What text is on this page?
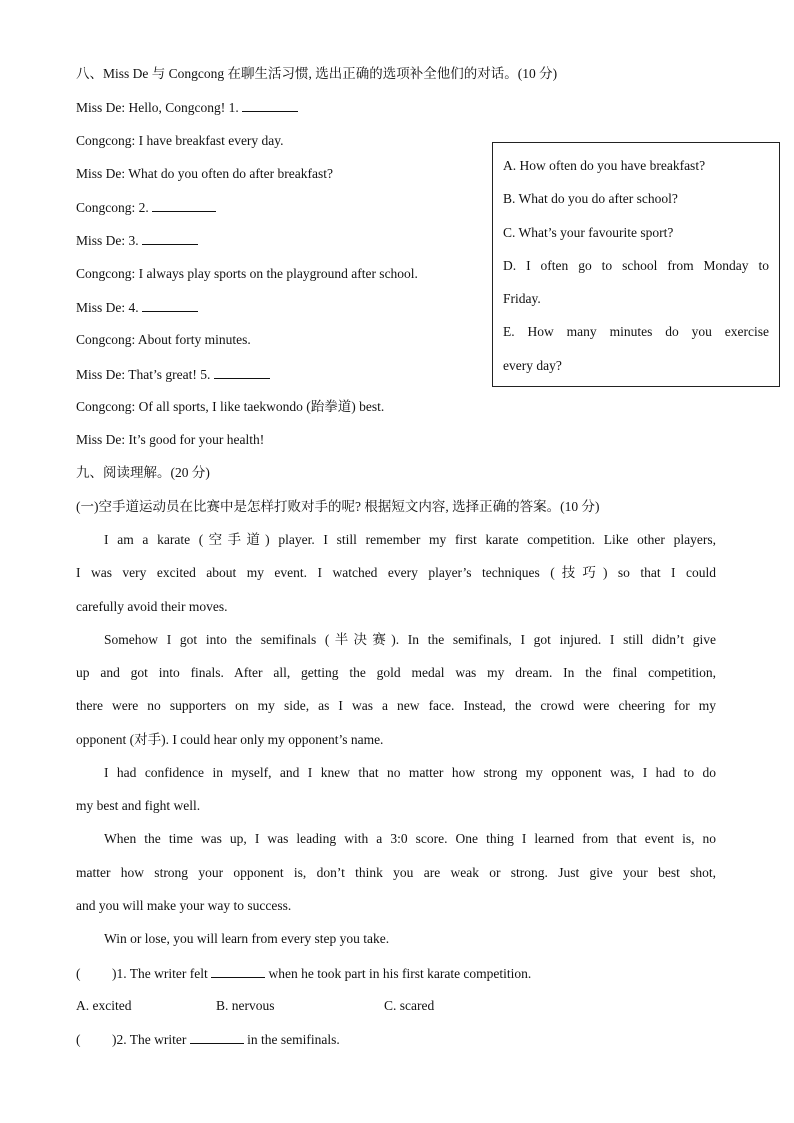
八、Miss De 与 Congcong 在聊生活习惯, 选出正确的选项补全他们的对话。(10 分)
Miss De: Hello, Congcong! 1.
Congcong: I have breakfast every day.
Miss De: What do you often do after breakfast?
Congcong: 2.
Miss De: 3.
Congcong: I always play sports on the playground after school.
Miss De: 4.
Congcong: About forty minutes.
Miss De: That’s great! 5.
Congcong: Of all sports, I like taekwondo (跆拳道) best.
Miss De: It’s good for your health!
A. How often do you have breakfast?
B. What do you do after school?
C. What’s your favourite sport?
D. I often go to school from Monday to
Friday.
E. How many minutes do you exercise
every day?
九、阅读理解。(20 分)
(一)空手道运动员在比赛中是怎样打败对手的呢? 根据短文内容, 选择正确的答案。(10 分)
I am a karate (空手道) player. I still remember my first karate competition. Like other players,
I was very excited about my event. I watched every player’s techniques (技巧) so that I could
carefully avoid their moves.
Somehow I got into the semifinals (半决赛). In the semifinals, I got injured. I still didn’t give
up and got into finals. After all, getting the gold medal was my dream. In the final competition,
there were no supporters on my side, as I was a new face. Instead, the crowd were cheering for my
opponent (对手). I could hear only my opponent’s name.
I had confidence in myself, and I knew that no matter how strong my opponent was, I had to do
my best and fight well.
When the time was up, I was leading with a 3:0 score. One thing I learned from that event is, no
matter how strong your opponent is, don’t think you are weak or strong. Just give your best shot,
and you will make your way to success.
Win or lose, you will learn from every step you take.
( )1. The writer felt	when he took part in his first karate competition.
A. excited	B. nervous	C. scared
( )2. The writer	in the semifinals.
